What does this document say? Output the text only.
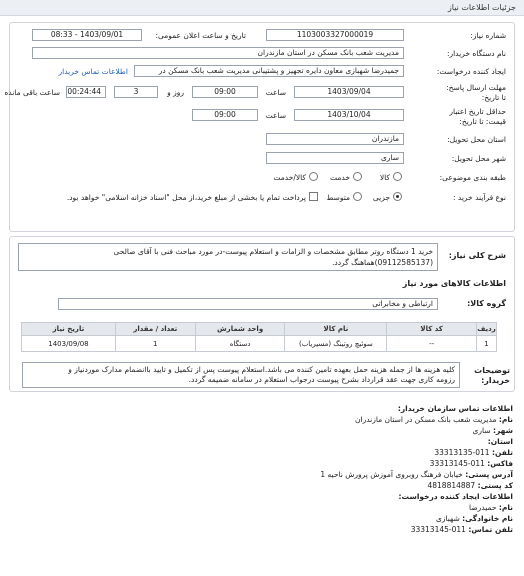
جزئیات اطلاعات نیاز
شماره نیاز:
1103003327000019
تاریخ و ساعت اعلان عمومی:
1403/09/01 - 08:33
نام دستگاه خریدار:
مدیریت شعب بانک مسکن در استان مازندران
ایجاد کننده درخواست:
جمیدرضا شهبازی معاون دایره تجهیز و پشتیبانی مدیریت شعب بانک مسکن در
اطلاعات تماس خریدار
مهلت ارسال پاسخ:
تا تاریخ:
1403/09/04
ساعت
09:00
روز و
3
00:24:44
ساعت باقی مانده
حداقل تاریخ اعتبار
قیمت: تا تاریخ:
1403/10/04
ساعت
09:00
استان محل تحویل:
مازندران
شهر محل تحویل:
ساری
طبقه بندی موضوعی:
کالا
خدمت
کالا/خدمت
نوع فرآیند خرید :
جزیی
متوسط
پرداخت تمام یا بخشی از مبلغ خرید،از محل "اسناد خزانه اسلامی" خواهد بود.
شرح کلی نیاز:
خرید 1 دستگاه روتر مطابق مشخصات و الزامات و استعلام پیوست-در مورد مباحث فنی با آقای صالحی
(09112585137)هماهنگ گردد.
اطلاعات کالاهای مورد نیاز
گروه کالا:
ارتباطی و مخابراتی
ردیف	کد کالا	نام کالا	واحد شمارش	تعداد / مقدار	تاریخ نیاز
1	--	سوئیچ روتینگ (مسیریاب)	دستگاه	1	1403/09/08
توضیحات خریدار:
کلیه هزینه ها از جمله هزینه حمل بعهده تامین کننده می باشد.استعلام پیوست پس از تکمیل و تایید باانضمام مدارک موردنیاز و
رزومه کاری جهت عقد قرارداد بشرح پیوست درجواب استعلام در سامانه ضمیمه گردد.
اطلاعات تماس سازمان خریدار:
نام: مدیریت شعب بانک مسکن در استان مازندران
شهر: ساری
استان:
تلفن: 011-33313135
فاکس: 011-33313145
آدرس پستی: خیابان فرهنگ روبروی آموزش پرورش ناحیه 1
کد پستی: 4818814887
اطلاعات ایجاد کننده درخواست:
نام: حمیدرضا
نام خانوادگی: شهبازی
تلفن تماس: 011-33313145
